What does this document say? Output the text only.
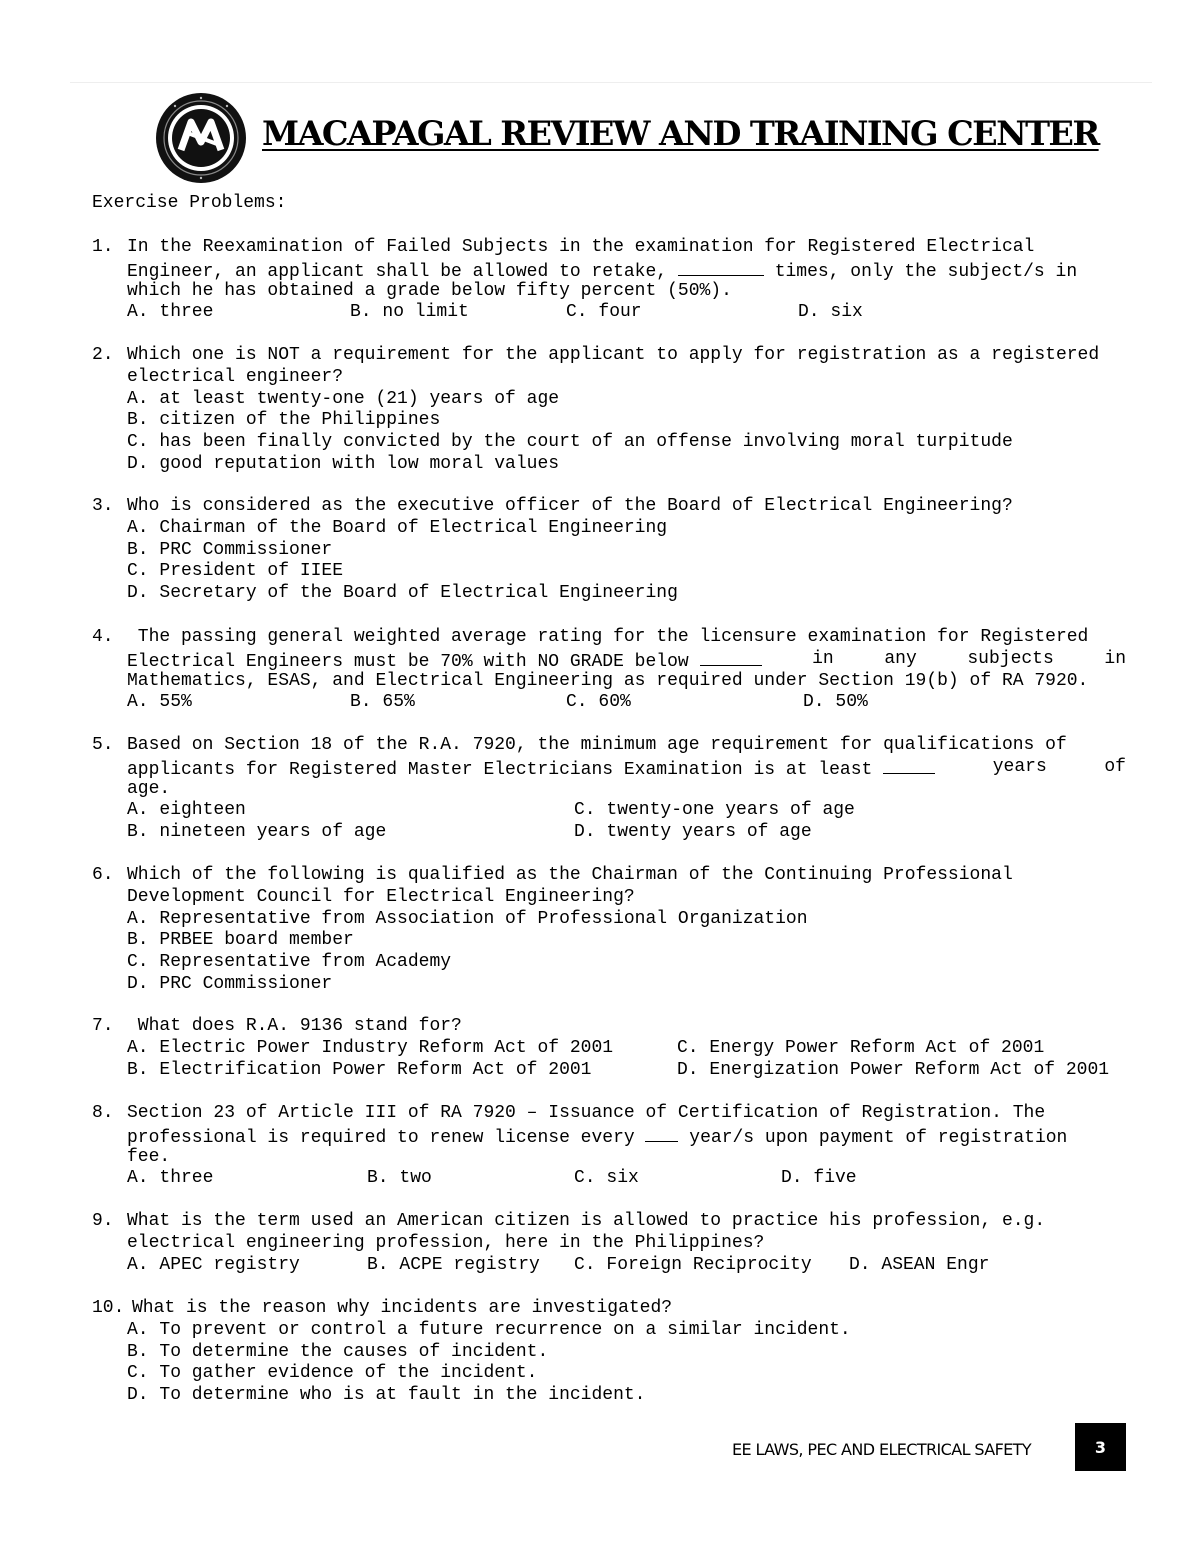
MACAPAGAL REVIEW AND TRAINING CENTER
Exercise Problems:
1. In the Reexamination of Failed Subjects in the examination for Registered Electrical
Engineer, an applicant shall be allowed to retake,	times, only the subject/s in
which he has obtained a grade below fifty percent (50%).

A. three

	B. no limit

	C. four

	D. six

2. Which one is NOT a requirement for the applicant to apply for registration as a registered
electrical engineer?
A. at least twenty-one (21) years of age
B. citizen of the Philippines
C. has been finally convicted by the court of an offense involving moral turpitude
D. good reputation with low moral values
3. Who is considered as the executive officer of the Board of Electrical Engineering?
A. Chairman of the Board of Electrical Engineering
B. PRC Commissioner
C. President of IIEE
D. Secretary of the Board of Electrical Engineering
4. The passing general weighted average rating for the licensure examination for Registered
Electrical Engineers must be 70% with NO GRADE below	in	any	subjects	in
Mathematics, ESAS, and Electrical Engineering as required under Section 19(b) of RA 7920.

A. 55%

	B. 65%

	C. 60%

	D. 50%

5. Based on Section 18 of the R.A. 7920, the minimum age requirement for qualifications of
applicants for Registered Master Electricians Examination is at least	years	of
age.

A. eighteen

	C. twenty-one years of age

B. nineteen years of age

	D. twenty years of age

6. Which of the following is qualified as the Chairman of the Continuing Professional
Development Council for Electrical Engineering?
A. Representative from Association of Professional Organization
B. PRBEE board member
C. Representative from Academy
D. PRC Commissioner
7. What does R.A. 9136 stand for?

A. Electric Power Industry Reform Act of 2001

	C. Energy Power Reform Act of 2001

B. Electrification Power Reform Act of 2001

	D. Energization Power Reform Act of 2001

8. Section 23 of Article III of RA 7920 – Issuance of Certification of Registration. The
professional is required to renew license every  year/s upon payment of registration
fee.

A. three

	B. two

	C. six

	D. five

9. What is the term used an American citizen is allowed to practice his profession, e.g.
electrical engineering profession, here in the Philippines?

A. APEC registry

	B. ACPE registry

C. Foreign Reciprocity

D. ASEAN Engr

10. What is the reason why incidents are investigated?
A. To prevent or control a future recurrence on a similar incident.
B. To determine the causes of incident.
C. To gather evidence of the incident.
D. To determine who is at fault in the incident.
EE LAWS, PEC AND ELECTRICAL SAFETY	3
